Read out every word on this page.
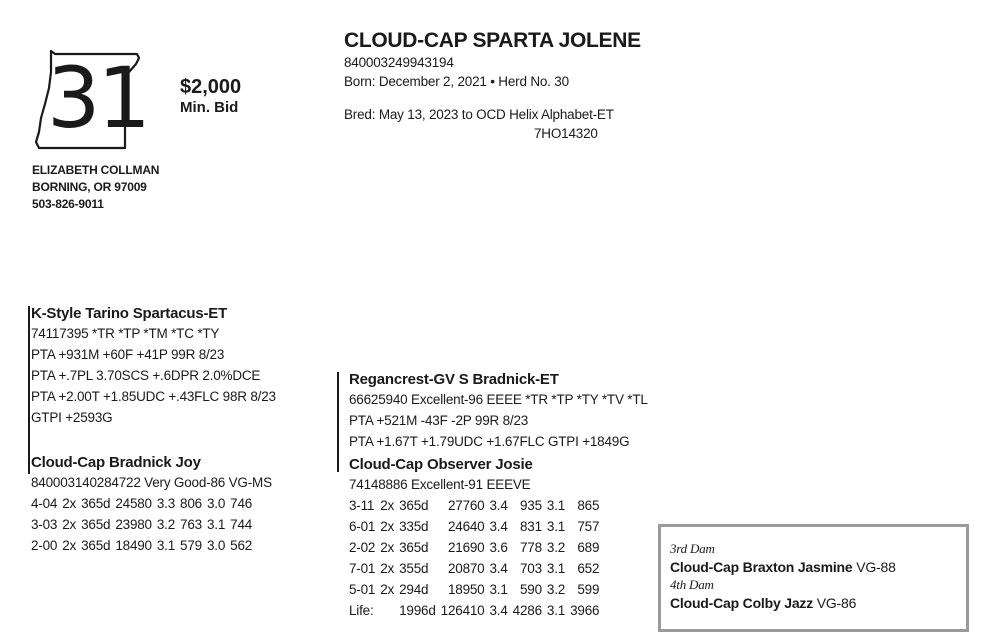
31 $2,000
Min. Bid
ELIZABETH COLLMAN
BORNING, OR 97009
503-826-9011
CLOUD-CAP SPARTA JOLENE
840003249943194
Born: December 2, 2021 • Herd No. 30
Bred: May 13, 2023 to OCD Helix Alphabet-ET
7HO14320
K-Style Tarino Spartacus-ET
74117395 *TR *TP *TM *TC *TY
PTA +931M +60F +41P 99R 8/23
PTA +.7PL 3.70SCS +.6DPR 2.0%DCE
PTA +2.00T +1.85UDC +.43FLC 98R 8/23
GTPI +2593G
Cloud-Cap Bradnick Joy
840003140284722 Very Good-86 VG-MS
4-04	2x	365d	24580	3.3	806	3.0	746
3-03	2x	365d	23980	3.2	763	3.1	744
2-00	2x	365d	18490	3.1	579	3.0	562
Regancrest-GV S Bradnick-ET
66625940 Excellent-96 EEEE *TR *TP *TY *TV *TL
PTA +521M -43F -2P 99R 8/23
PTA +1.67T +1.79UDC +1.67FLC GTPI +1849G
Cloud-Cap Observer Josie
74148886 Excellent-91 EEEVE
3-11	2x	365d	27760	3.4	935	3.1	865
6-01	2x	335d	24640	3.4	831	3.1	757
2-02	2x	365d	21690	3.6	778	3.2	689
7-01	2x	355d	20870	3.4	703	3.1	652
5-01	2x	294d	18950	3.1	590	3.2	599
Life:		1996d	126410	3.4	4286	3.1	3966
3rd Dam
Cloud-Cap Braxton Jasmine VG-88
4th Dam
Cloud-Cap Colby Jazz VG-86
